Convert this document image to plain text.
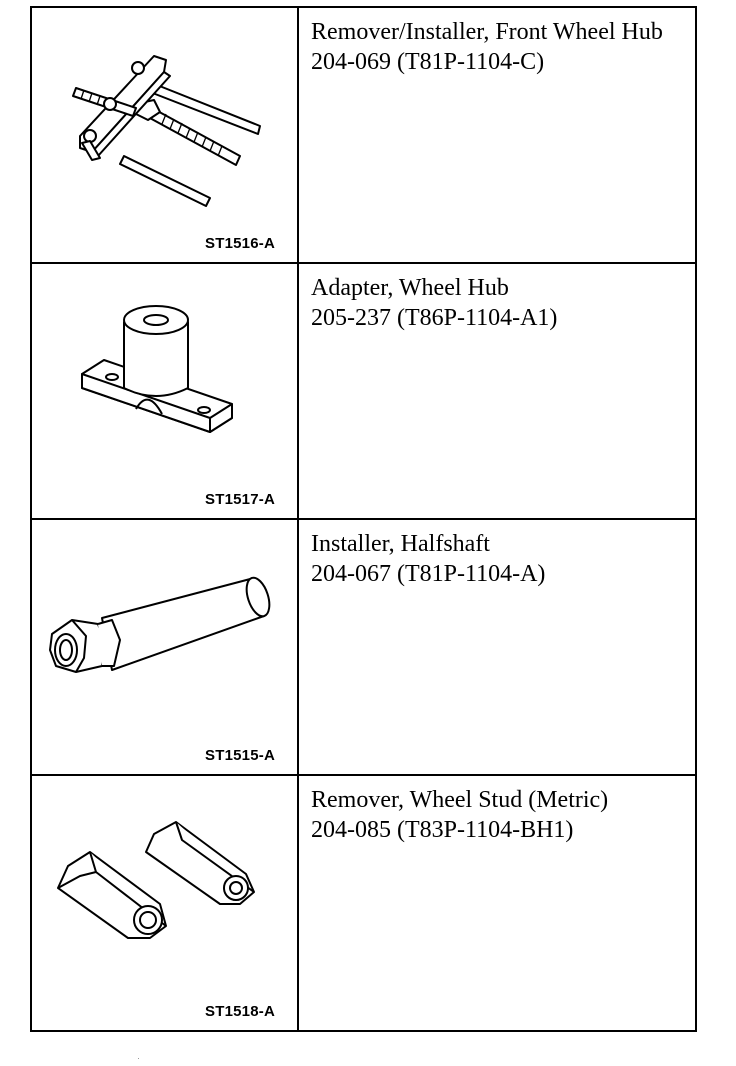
ST1516-A	Remover/Installer, Front Wheel Hub
204-069 (T81P-1104-C)

ST1517-A	Adapter, Wheel Hub
205-237 (T86P-1104-A1)

ST1515-A	Installer, Halfshaft
204-067 (T81P-1104-A)

ST1518-A	Remover, Wheel Stud (Metric)
204-085 (T83P-1104-BH1)
